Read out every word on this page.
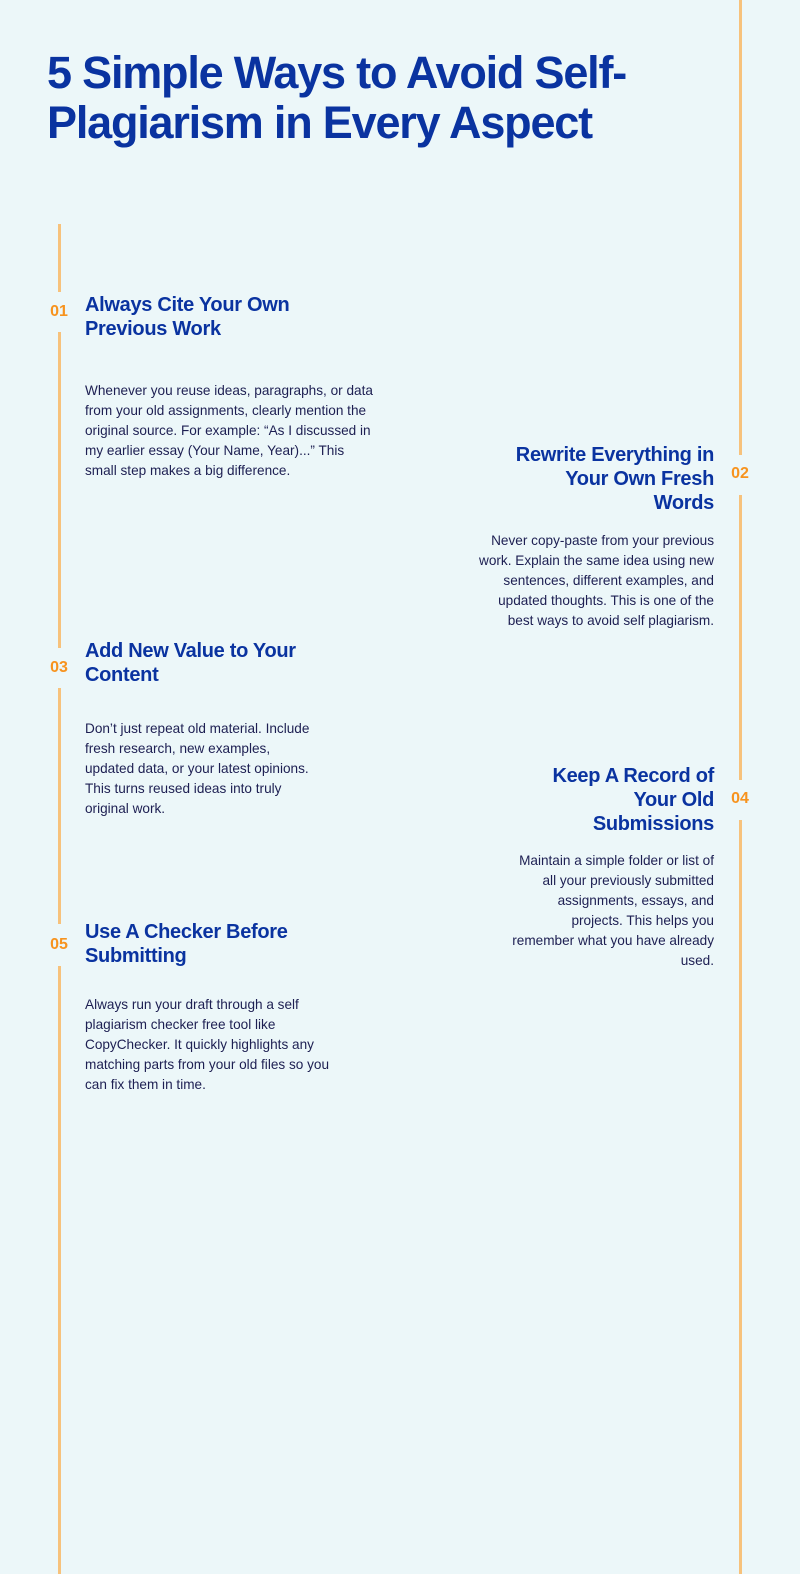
5 Simple Ways to Avoid Self-Plagiarism in Every Aspect
01 Always Cite Your Own Previous Work

Whenever you reuse ideas, paragraphs, or data from your old assignments, clearly mention the original source. For example: “As I discussed in my earlier essay (Your Name, Year)...” This small step makes a big difference.	02
Rewrite Everything in Your Own Fresh Words

Never copy-paste from your previous work. Explain the same idea using new sentences, different examples, and updated thoughts. This is one of the best ways to avoid self plagiarism.

03
Add New Value to Your Content

Don’t just repeat old material. Include fresh research, new examples, updated data, or your latest opinions. This turns reused ideas into truly original work.

04
Keep A Record of Your Old Submissions

Maintain a simple folder or list of all your previously submitted assignments, essays, and projects. This helps you remember what you have already used.

05
Use A Checker Before Submitting

Always run your draft through a self plagiarism checker free tool like CopyChecker. It quickly highlights any matching parts from your old files so you can fix them in time.
